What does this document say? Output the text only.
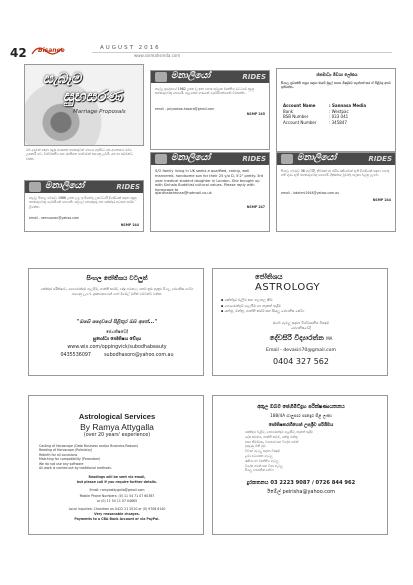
42 Bisanee	AUGUST 2016
www.sinmahsmda.com
සැබෑම
සුභසරණ
Marriage Proposals
මනාලියෝ	RIDES
ගාල්ල ප්‍රදේශයේ 1982 උපත වූ ඉතා හොඳ පවුලක වෘත්තීය මට්ටමේ සුදුසු සහකරුවෙකු සොයයි. ගැළපෙන ගණනේ දෙමාපියන්ගෙන් විමසන්න.
email - priyaakaa.hosara@gmail.com
NSMP 245
ජනමාධ්‍ය මීඩයා ලෝකය
සිංහල ප්‍රවෘත්ති පත්‍රය සඳහා ඔබේ මුදල් පහත ගිණුමට තැන්පත් කර ඒ පිළිබඳ අපට දන්වන්න.
Account Name	: Sannasa Media
Bank	: Westpac
BSB Number	: 033 041
Account Number	: 345847
ඔබ දරුවන් සඳහා සුදුසු ආරාහක සහකරුවන් සොයා ගැනීමට අප ආයතනය ඔබට උපකාරී වේ. විශ්වාසනීය සහ රහසිගත සේවාවක් සපයනු ලබයි. අප හා සම්බන්ධ වන්න.
මනාලියෝ	RIDES
ගාල්ල සිංහල බෞද්ධ 1986 උපත ලද, ඉංජිනේරු උපාධිධාරී දියණියක් සඳහා සුදුසු සහකරුවෙකු දෙමාපියන් සොයති. පවුලේ තොරතුරු සහ කේන්දර සටහන සමඟ ලියන්න.
email - ramusaran@yahoo.com
NSMP 244
මනාලියෝ	RIDES
S/O family living in UK seeks a qualified, caring, well mannered, handsome son for their 25 y/o D, 5'2" pretty. 3rd year medical student daughter in London. She brought up with Sinhala Buddhist cultural values. Please reply with horoscope to
ajanthaasimnaa@hotmail.co.uk
NSMP 247
මනාලියෝ	RIDES
සිංහල බෞද්ධ 36 හැවිරිදි, නිවසක් හා ස්ථිර රැකියාවක් ඇති දියණියක් සඳහා හොඳ ගති ගුණ ඇති සහකරුවෙකු සොයයි. දික්කසාද වූවන්ද සලකා බලනු ලැබේ.
email - lakshmi1944@yahoo.com.au
NSMP 244
සිංහල ජෝතිශය වටලුත්
කේන්දර පරීක්ෂාව, පොරොන්දම් ගැලපීම, ශාන්ති කර්ම, දෝෂ සමනය, කෙම් ක්‍රම ඇතුළු සියලු ජ්‍යොතිෂ සේවා සපයනු ලැබේ. දුරකථනයෙන් හෝ ඊමේල් මගින් සම්බන්ධ වන්න.
"ඔබේ දෛවයේ පිළිතුර ඔබ අතේ..."
ජ්‍යොතිෂවේදී
සුභෝධා ජෝතිෂය වේදය
www.wix.com/oppingvick/subodhabeauty
0435536097	subodhasoro@yahoo.com.au
ජෝතිශය
ASTROLOGY
▪ කේන්දර බැලීම සහ පලාපල කිම
▪ පොරොන්දම් ගැලපීම හා නැකත් සෑදීම
▪ යන්ත්‍ර, මන්ත්‍ර, ශාන්ති කර්ම සහ සියලු ජ්‍යොතිෂ සේවා
ඔබේ ගැටලු සඳහා විශ්වාසනීය විසඳුම්
ජ්‍යොතිෂවේදී
දේවසිරි විද්‍යාරත්න MA
Email - devasiri70@gmail.com
0404 327 562
Astrological Services
By Ramya Attygalla
(over 20 years' experience)
Casting of Horoscope (Date Business and/or Business Reason)
Reading of Horoscope (Palmistry)
Rebirth for all occasions
Matching for compatibility (Porondam)
We do not use any software
All work is carried out by traditional methods.
Readings will be sent via email,
but please call if you require further details.
Email: ramyaattygalla@gmail.com
Mobile Phone Numbers: (0) 11 54 71 07 60387
or (0) 11 54 11 07 04665
Local inquiries: Chandron on 0422 21 2010 or (0) 9708 6140
Very reasonable charges.
Payments to a CBA Bank Account or via PayPal.
අකුල ඔබම ජෙහිමිවිදුහ පරීක්ෂණායතනය
188/4A ගාලුපාර පානදුර පිළ ලංකා
ජෝතිෂතරහීහෙන් උපශ්‍රීව පරිශීමය
කේන්දර බැලීම, පොරොන්දම් ගැළපීම, නැකත් සෑදීම
දෝෂ සමනය, ශාන්ති කර්ම, යන්ත්‍ර මන්ත්‍ර
ගෘහ නිර්මාණ, ව්‍යාපාර සහ විදේශ ගමන්
ඉපදුණු මිනි මුළු
විවාහ ගැටලු සඳහා විසඳුම්
ළමා අධ්‍යාපන ගැටලු
රැකියා හා වෘත්තීය ගැටලු
විදේශ ගමන් සහ වීසා ගැටලු
සියලු ජ්‍යොතිෂ සේවා
දුරකතනය 03 2223 9087 / 0726 844 962
ඊමේල් peirisha@yahoo.com
